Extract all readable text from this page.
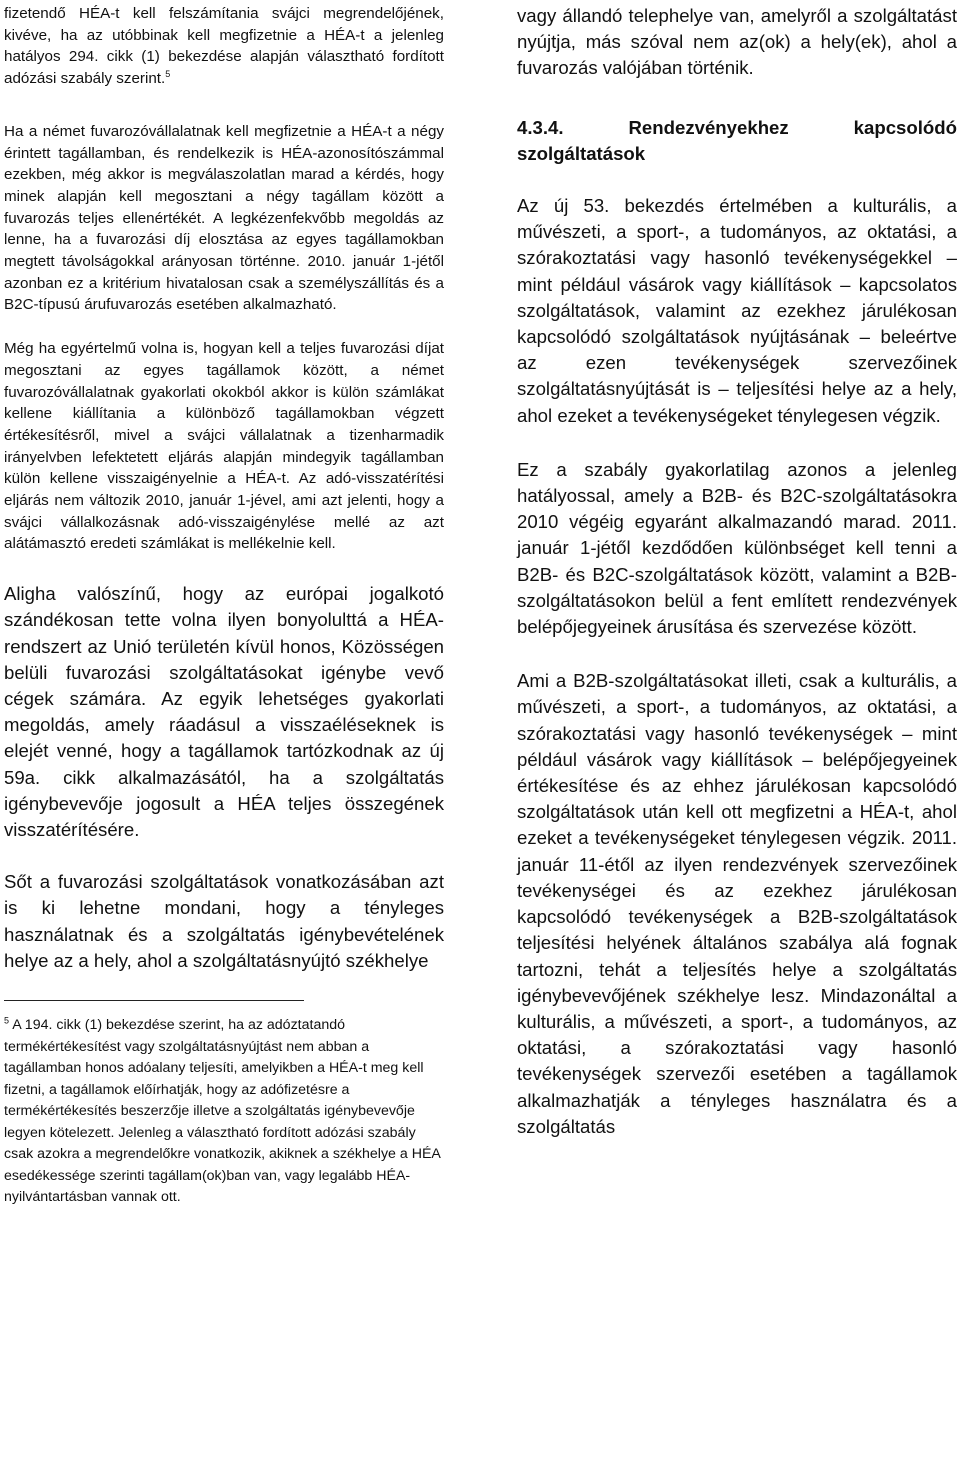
fizetendő HÉA-t kell felszámítania svájci megrendelőjének, kivéve, ha az utóbbinak kell megfizetnie a HÉA-t a jelenleg hatályos 294. cikk (1) bekezdése alapján választható fordított adózási szabály szerint.$^5$

Ha a német fuvarozóvállalatnak kell megfizetnie a HÉA-t a négy érintett tagállamban, és rendelkezik is HÉA-azonosítószámmal ezekben, még akkor is megválaszolatlan marad a kérdés, hogy minek alapján kell megosztani a négy tagállam között a fuvarozás teljes ellenértékét. A legkézenfekvőbb megoldás az lenne, ha a fuvarozási díj elosztása az egyes tagállamokban megtett távolságokkal arányosan történne. 2010. január 1-jétől azonban ez a kritérium hivatalosan csak a személyszállítás és a B2C-típusú árufuvarozás esetében alkalmazható.

Még ha egyértelmű volna is, hogyan kell a teljes fuvarozási díjat megosztani az egyes tagállamok között, a német fuvarozóvállalatnak gyakorlati okokból akkor is külön számlákat kellene kiállítania a különböző tagállamokban végzett értékesítésről, mivel a svájci vállalatnak a tizenharmadik irányelvben lefektetett eljárás alapján mindegyik tagállamban külön kellene visszaigényelnie a HÉA-t. Az adó-visszatérítési eljárás nem változik 2010, január 1-jével, ami azt jelenti, hogy a svájci vállalkozásnak adó-visszaigénylése mellé az azt alátámasztó eredeti számlákat is mellékelnie kell.

Aligha valószínű, hogy az európai jogalkotó szándékosan tette volna ilyen bonyolulttá a HÉA-rendszert az Unió területén kívül honos, Közösségen belüli fuvarozási szolgáltatásokat igénybe vevő cégek számára. Az egyik lehetséges gyakorlati megoldás, amely ráadásul a visszaéléseknek is elejét venné, hogy a tagállamok tartózkodnak az új 59a. cikk alkalmazásától, ha a szolgáltatás igénybevevője jogosult a HÉA teljes összegének visszatérítésére.

Sőt a fuvarozási szolgáltatások vonatkozásában azt is ki lehetne mondani, hogy a tényleges használatnak és a szolgáltatás igénybevételének helye az a hely, ahol a szolgáltatásnyújtó székhelye

$^5$ A 194. cikk (1) bekezdése szerint, ha az adóztatandó termékértékesítést vagy szolgáltatásnyújtást nem abban a tagállamban honos adóalany teljesíti, amelyikben a HÉA-t meg kell fizetni, a tagállamok előírhatják, hogy az adófizetésre a termékértékesítés beszerzője illetve a szolgáltatás igénybevevője legyen kötelezett. Jelenleg a választható fordított adózási szabály csak azokra a megrendelőkre vonatkozik, akiknek a székhelye a HÉA esedékessége szerinti tagállam(ok)ban van, vagy legalább HÉA-nyilvántartásban vannak ott.

vagy állandó telephelye van, amelyről a szolgáltatást nyújtja, más szóval nem az(ok) a hely(ek), ahol a fuvarozás valójában történik.

4.3.4. Rendezvényekhez kapcsolódó szolgáltatások

Az új 53. bekezdés értelmében a kulturális, a művészeti, a sport-, a tudományos, az oktatási, a szórakoztatási vagy hasonló tevékenységekkel – mint például vásárok vagy kiállítások – kapcsolatos szolgáltatások, valamint az ezekhez járulékosan kapcsolódó szolgáltatások nyújtásának – beleértve az ezen tevékenységek szervezőinek szolgáltatásnyújtását is – teljesítési helye az a hely, ahol ezeket a tevékenységeket ténylegesen végzik.

Ez a szabály gyakorlatilag azonos a jelenleg hatályossal, amely a B2B- és B2C-szolgáltatásokra 2010 végéig egyaránt alkalmazandó marad. 2011. január 1-jétől kezdődően különbséget kell tenni a B2B- és B2C-szolgáltatások között, valamint a B2B-szolgáltatásokon belül a fent említett rendezvények belépőjegyeinek árusítása és szervezése között.

Ami a B2B-szolgáltatásokat illeti, csak a kulturális, a művészeti, a sport-, a tudományos, az oktatási, a szórakoztatási vagy hasonló tevékenységek – mint például vásárok vagy kiállítások – belépőjegyeinek értékesítése és az ehhez járulékosan kapcsolódó szolgáltatások után kell ott megfizetni a HÉA-t, ahol ezeket a tevékenységeket ténylegesen végzik. 2011. január 11-étől az ilyen rendezvények szervezőinek tevékenységei és az ezekhez járulékosan kapcsolódó tevékenységek a B2B-szolgáltatások teljesítési helyének általános szabálya alá fognak tartozni, tehát a teljesítés helye a szolgáltatás igénybevevőjének székhelye lesz. Mindazonáltal a kulturális, a művészeti, a sport-, a tudományos, az oktatási, a szórakoztatási vagy hasonló tevékenységek szervezői esetében a tagállamok alkalmazhatják a tényleges használatra és a szolgáltatás
